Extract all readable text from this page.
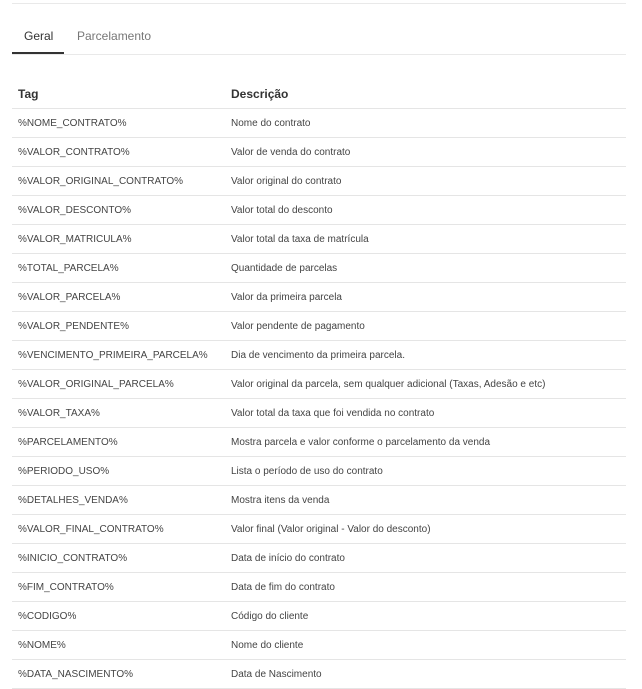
Geral	Parcelamento
Tag	Descrição
%NOME_CONTRATO%	Nome do contrato
%VALOR_CONTRATO%	Valor de venda do contrato
%VALOR_ORIGINAL_CONTRATO%	Valor original do contrato
%VALOR_DESCONTO%	Valor total do desconto
%VALOR_MATRICULA%	Valor total da taxa de matrícula
%TOTAL_PARCELA%	Quantidade de parcelas
%VALOR_PARCELA%	Valor da primeira parcela
%VALOR_PENDENTE%	Valor pendente de pagamento
%VENCIMENTO_PRIMEIRA_PARCELA%	Dia de vencimento da primeira parcela.
%VALOR_ORIGINAL_PARCELA%	Valor original da parcela, sem qualquer adicional (Taxas, Adesão e etc)
%VALOR_TAXA%	Valor total da taxa que foi vendida no contrato
%PARCELAMENTO%	Mostra parcela e valor conforme o parcelamento da venda
%PERIODO_USO%	Lista o período de uso do contrato
%DETALHES_VENDA%	Mostra itens da venda
%VALOR_FINAL_CONTRATO%	Valor final (Valor original - Valor do desconto)
%INICIO_CONTRATO%	Data de início do contrato
%FIM_CONTRATO%	Data de fim do contrato
%CODIGO%	Código do cliente
%NOME%	Nome do cliente
%DATA_NASCIMENTO%	Data de Nascimento
